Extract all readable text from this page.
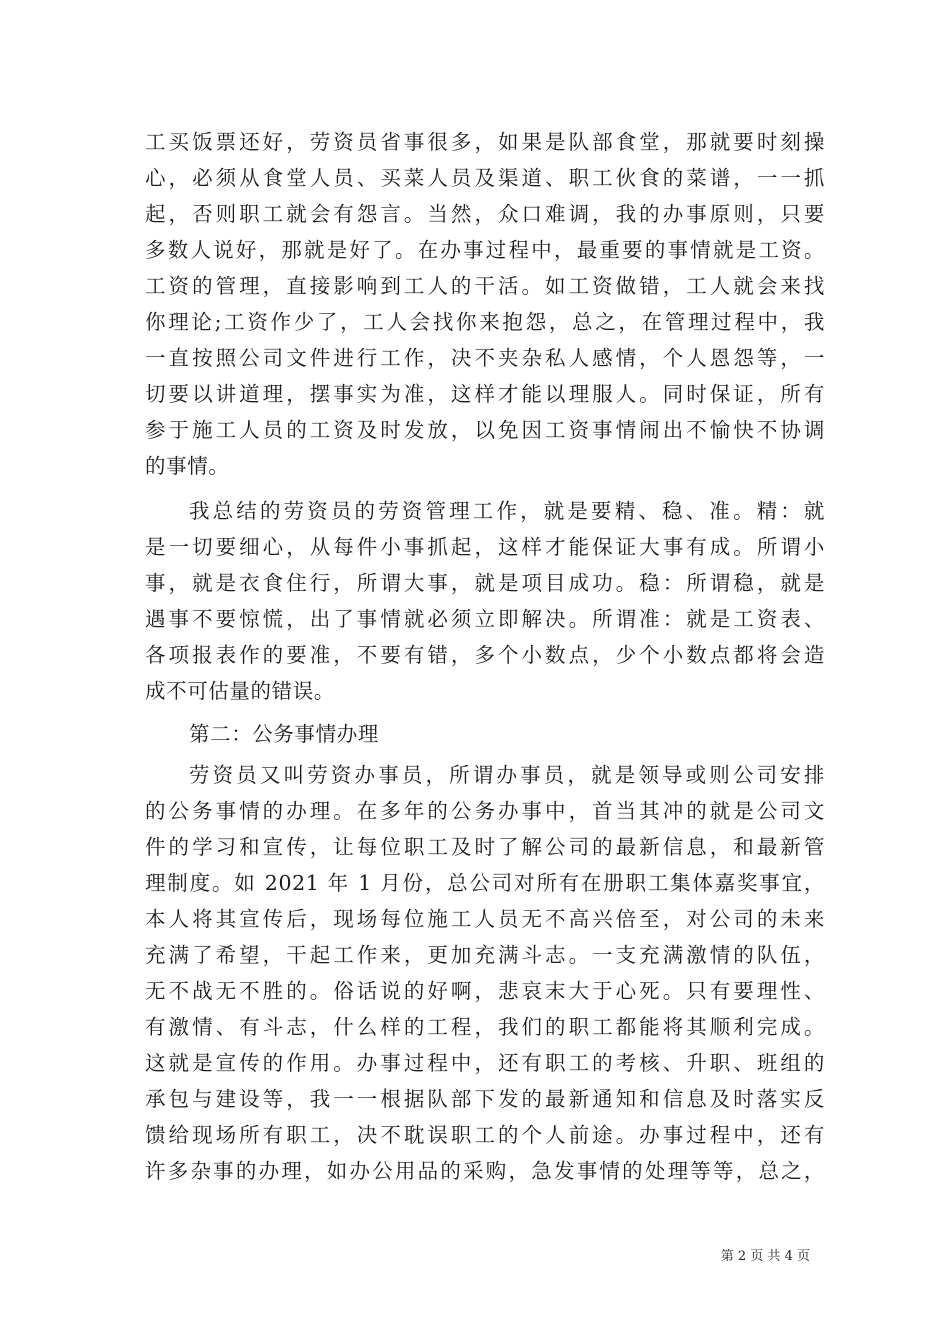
工买饭票还好，劳资员省事很多，如果是队部食堂，那就要时刻操
心，必须从食堂人员、买菜人员及渠道、职工伙食的菜谱，一一抓
起，否则职工就会有怨言。当然，众口难调，我的办事原则，只要
多数人说好，那就是好了。在办事过程中，最重要的事情就是工资。
工资的管理，直接影响到工人的干活。如工资做错，工人就会来找
你理论;工资作少了，工人会找你来抱怨，总之，在管理过程中，我
一直按照公司文件进行工作，决不夹杂私人感情，个人恩怨等，一
切要以讲道理，摆事实为准，这样才能以理服人。同时保证，所有
参于施工人员的工资及时发放，以免因工资事情闹出不愉快不协调
的事情。
我总结的劳资员的劳资管理工作，就是要精、稳、准。精：就
是一切要细心，从每件小事抓起，这样才能保证大事有成。所谓小
事，就是衣食住行，所谓大事，就是项目成功。稳：所谓稳，就是
遇事不要惊慌，出了事情就必须立即解决。所谓准：就是工资表、
各项报表作的要准，不要有错，多个小数点，少个小数点都将会造
成不可估量的错误。
第二：公务事情办理
劳资员又叫劳资办事员，所谓办事员，就是领导或则公司安排
的公务事情的办理。在多年的公务办事中，首当其冲的就是公司文
件的学习和宣传，让每位职工及时了解公司的最新信息，和最新管
理制度。如 2021 年 1 月份，总公司对所有在册职工集体嘉奖事宜，
本人将其宣传后，现场每位施工人员无不高兴倍至，对公司的未来
充满了希望，干起工作来，更加充满斗志。一支充满激情的队伍，
无不战无不胜的。俗话说的好啊，悲哀末大于心死。只有要理性、
有激情、有斗志，什么样的工程，我们的职工都能将其顺利完成。
这就是宣传的作用。办事过程中，还有职工的考核、升职、班组的
承包与建设等，我一一根据队部下发的最新通知和信息及时落实反
馈给现场所有职工，决不耽误职工的个人前途。办事过程中，还有
许多杂事的办理，如办公用品的采购，急发事情的处理等等，总之，
第 2 页 共 4 页
